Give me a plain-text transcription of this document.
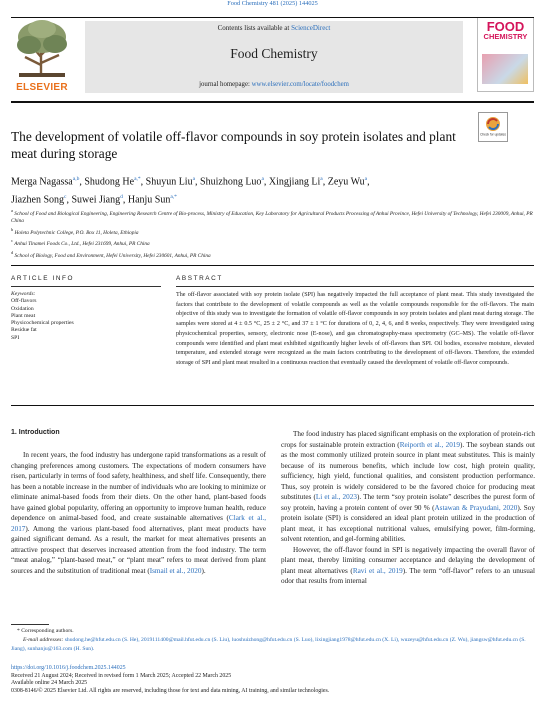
Food Chemistry 481 (2025) 144025
ELSEVIER
Contents lists available at ScienceDirect
Food Chemistry
journal homepage: www.elsevier.com/locate/foodchem
FOOD
CHEMISTRY
Check for updates
The development of volatile off-flavor compounds in soy protein isolates and plant meat during storage
Merga Nagassa$^{a,b}$, Shudong $He^{a,*}$, Shuyun Liu$^a$, Shuizhong Luo$^a$, Xingjiang Li$^a$, Zeyu Wu$^a$,
Jiazhen Song$^c$, Suwei Jiang$^d$, Hanju Sun$^{a,*}$
$^a$ School of Food and Biological Engineering, Engineering Research Centre of Bio-process, Ministry of Education, Key Laboratory for Agricultural Products Processing of Anhui Province, Hefei University of Technology, Hefei 230009, Anhui, PR China
$^b$ Holeta Polytechnic College, P.O. Box 11, Holeta, Ethiopia
$^c$ Anhui Tinamei Foods Co., Ltd., Hefei 231699, Anhui, PR China
$^d$ School of Biology, Food and Environment, Hefei University, Hefei 230601, Anhui, PR China
ARTICLE INFO	ABSTRACT
Keywords:
Off-flavors
Oxidation
Plant meat
Physicochemical properties
Residue fat
SPI
The off-flavor associated with soy protein isolate (SPI) has negatively impacted the full acceptance of plant meat. This study investigated the factors that contribute to the development of volatile compounds as well as the volatile compounds responsible for the off-flavors. The main objective of this study was to investigate the formation of volatile off-flavor compounds in soy protein isolates and plant meat during storage. The samples were stored at 4 ± 0.5 °C, 25 ± 2 °C, and 37 ± 1 °C for durations of 0, 2, 4, 6, and 8 weeks, respectively. They were investigated using physicochemical properties, sensory, electronic nose (E-nose), and gas chromatography-mass spectrometry (GC–MS). The volatile off-flavor compounds were identified and plant meat exhibited significantly higher levels of off-flavors than SPI. Oil bodies, excessive moisture, elevated temperature, and extended storage were recognized as the main factors contributing to the development of off-flavors. Therefore, the extended storage of SPI and plant meat resulted in a continuous reaction that eventually caused the development of volatile off-flavor compounds.
1. Introduction

In recent years, the food industry has undergone rapid transformations as a result of changing preferences among customers. The expectations of modern consumers have risen, particularly in terms of food safety, healthiness, and shelf life. Consequently, there has been a notable increase in the number of individuals who are looking to minimize or eliminate animal-based foods from their diets. On the other hand, plant-based foods have gained global popularity, offering an opportunity to improve human health, reduce dependence on animal-based food, and create sustainable alternatives (Clark et al., 2017). Among the various plant-based food alternatives, plant meat products have gained significant demand. As a result, the market for meat alternatives presents an attractive prospect that deserves increased attention from the food industry. The term “meat analog,” “plant-based meat,” or “plant meat” refers to meat derived from plant sources and the substitution of traditional meat (Ismail et al., 2020).

The food industry has placed significant emphasis on the exploration of protein-rich crops for sustainable protein extraction (Reiporth et al., 2019). The soybean stands out as the most commonly utilized protein source in plant meat substitutes. This is mainly because of its numerous benefits, which include low cost, high protein quality, sufficiency, high yield, functional qualities, and consistent production performance. Thus, soy protein is widely considered to be the favored choice for producing meat substitutes (Li et al., 2023). The term “soy protein isolate” describes the purest form of soy protein, having a protein content of over 90 % (Astawan & Prayudani, 2020). Soy protein isolate (SPI) is considered an ideal plant protein utilized in the production of plant meat, it has exceptional nutritional values, emulsifying power, film-forming, solvent retention, and gel-forming abilities.

However, the off-flavor found in SPI is negatively impacting the overall flavor of plant meat, thereby limiting consumer acceptance and delaying the development of plant meat alternatives (Ravi et al., 2019). The term “off-flavor” refers to an unusual odor that results from internal

* Corresponding authors.
E-mail addresses: shudong.he@hfut.edu.cn (S. He), 2019111400@mail.hfut.edu.cn (S. Liu), luoshuizhong@hfut.edu.cn (S. Luo), lixingjiang1978@hfut.edu.cn (X. Li), wuzeyu@hfut.edu.cn (Z. Wu), jiangsw@hfut.edu.cn (S. Jiang), sunhanju@163.com (H. Sun).
https://doi.org/10.1016/j.foodchem.2025.144025
Received 21 August 2024; Received in revised form 1 March 2025; Accepted 22 March 2025
Available online 24 March 2025
0308-8146/© 2025 Elsevier Ltd. All rights are reserved, including those for text and data mining, AI training, and similar technologies.
